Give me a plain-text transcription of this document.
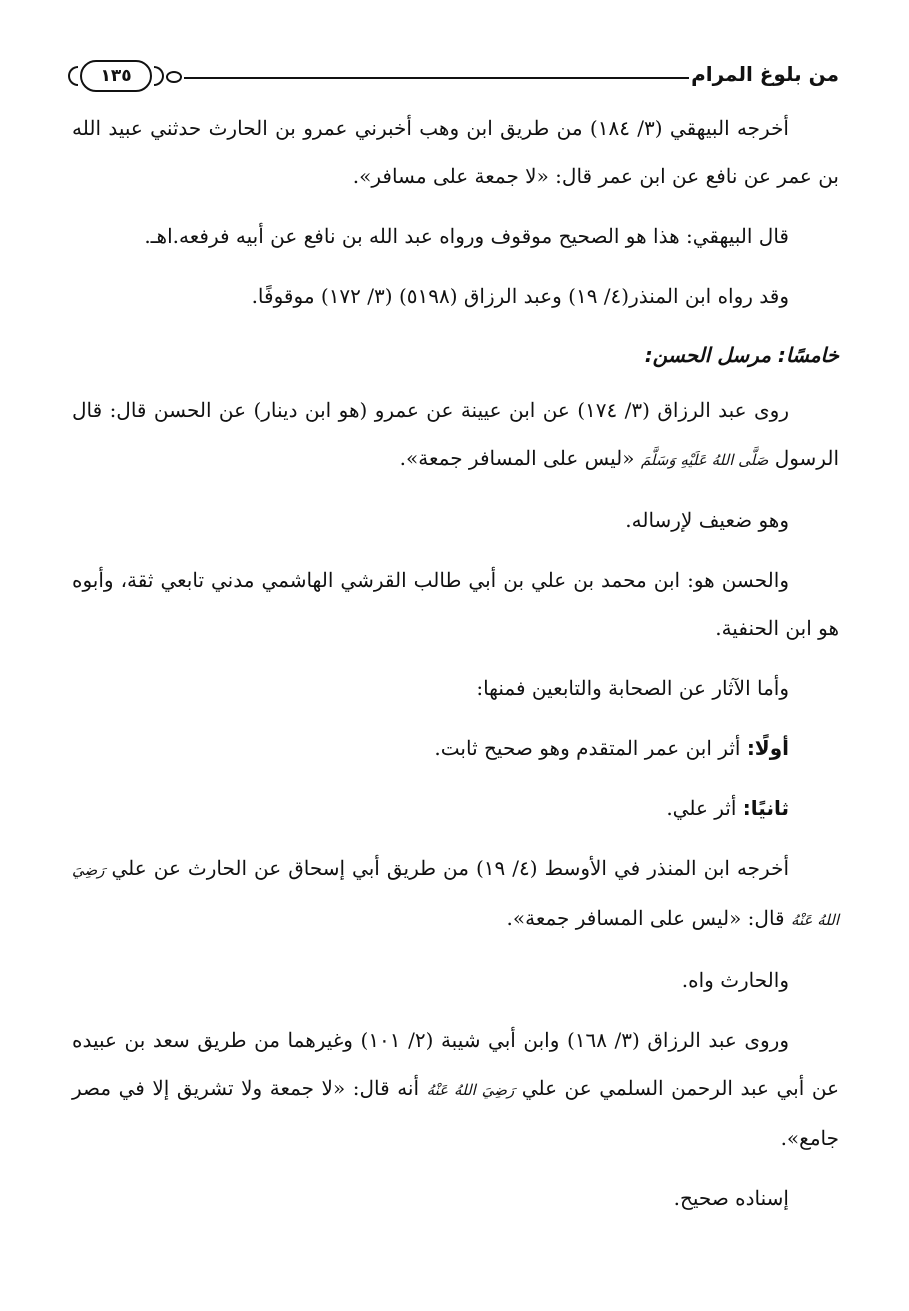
من بلوغ المرام
١٣٥

أخرجه البيهقي (٣/ ١٨٤) من طريق ابن وهب أخبرني عمرو بن الحارث حدثني عبيد الله بن عمر عن نافع عن ابن عمر قال: «لا جمعة على مسافر».

قال البيهقي: هذا هو الصحيح موقوف ورواه عبد الله بن نافع عن أبيه فرفعه.اهـ.

وقد رواه ابن المنذر(٤/ ١٩) وعبد الرزاق (٥١٩٨) (٣/ ١٧٢) موقوفًا.

خامسًا: مرسل الحسن:

روى عبد الرزاق (٣/ ١٧٤) عن ابن عيينة عن عمرو (هو ابن دينار) عن الحسن قال: قال الرسول صَلَّى اللهُ عَلَيْهِ وَسَلَّمَ «ليس على المسافر جمعة».

وهو ضعيف لإرساله.

والحسن هو: ابن محمد بن علي بن أبي طالب القرشي الهاشمي مدني تابعي ثقة، وأبوه هو ابن الحنفية.

وأما الآثار عن الصحابة والتابعين فمنها:

أولًا: أثر ابن عمر المتقدم وهو صحيح ثابت.

ثانيًا: أثر علي.

أخرجه ابن المنذر في الأوسط (٤/ ١٩) من طريق أبي إسحاق عن الحارث عن علي رَضِيَ اللهُ عَنْهُ قال: «ليس على المسافر جمعة».

والحارث واه.

وروى عبد الرزاق (٣/ ١٦٨) وابن أبي شيبة (٢/ ١٠١) وغيرهما من طريق سعد بن عبيده عن أبي عبد الرحمن السلمي عن علي رَضِيَ اللهُ عَنْهُ أنه قال: «لا جمعة ولا تشريق إلا في مصر جامع».

إسناده صحيح.
